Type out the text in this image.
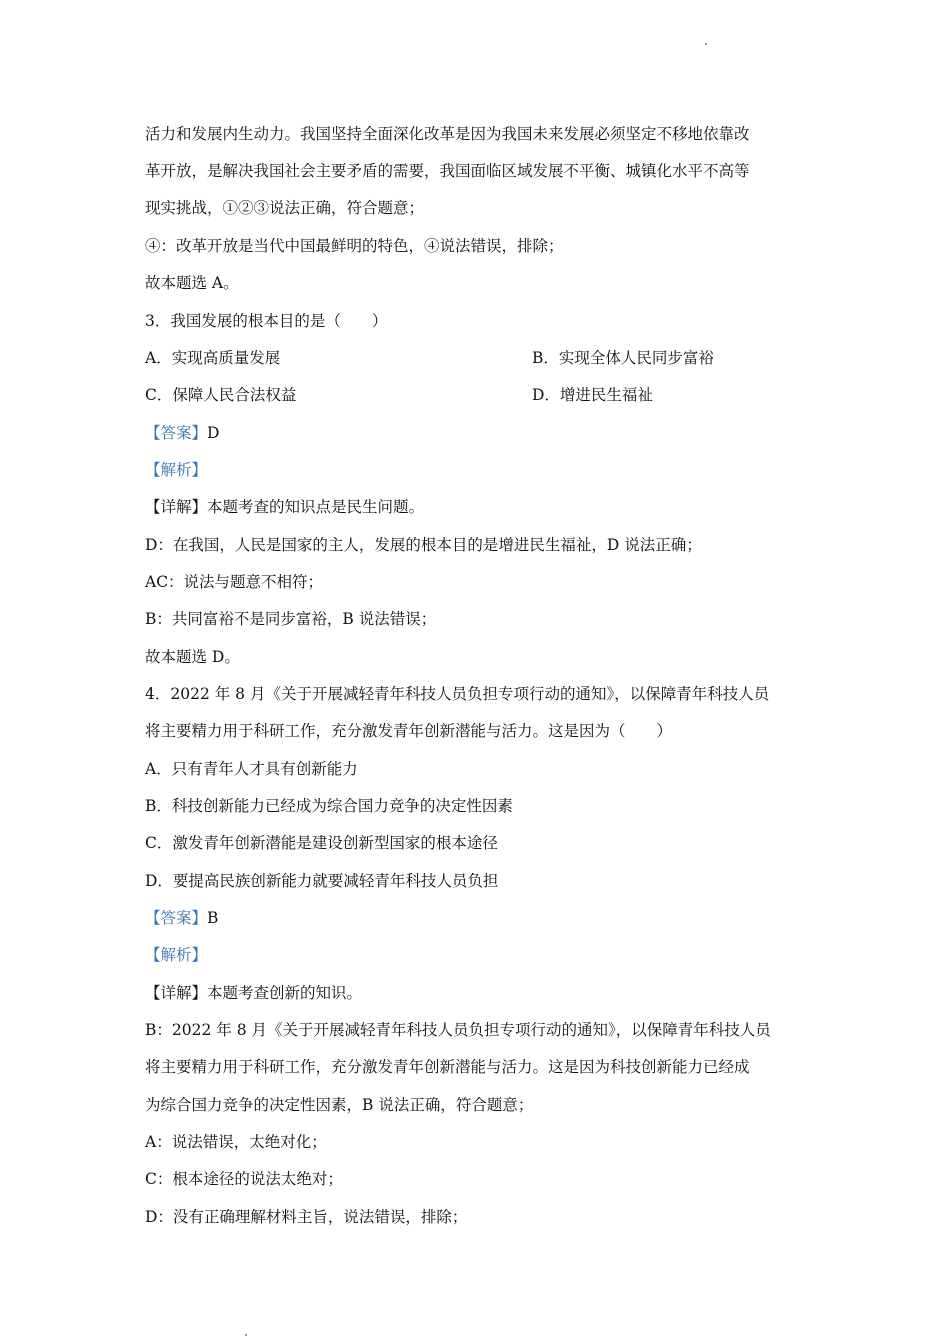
活力和发展内生动力。我国坚持全面深化改革是因为我国未来发展必须坚定不移地依靠改
革开放，是解决我国社会主要矛盾的需要，我国面临区域发展不平衡、城镇化水平不高等
现实挑战，①②③说法正确，符合题意；
④：改革开放是当代中国最鲜明的特色，④说法错误，排除；
故本题选 A。
3．我国发展的根本目的是（　　）
A．实现高质量发展	B．实现全体人民同步富裕
C．保障人民合法权益	D．增进民生福祉
【答案】D
【解析】
【详解】本题考查的知识点是民生问题。
D：在我国，人民是国家的主人，发展的根本目的是增进民生福祉，D 说法正确；
AC：说法与题意不相符；
B：共同富裕不是同步富裕，B 说法错误；
故本题选 D。
4．2022 年 8 月《关于开展减轻青年科技人员负担专项行动的通知》，以保障青年科技人员
将主要精力用于科研工作，充分激发青年创新潜能与活力。这是因为（　　）
A．只有青年人才具有创新能力
B．科技创新能力已经成为综合国力竞争的决定性因素
C．激发青年创新潜能是建设创新型国家的根本途径
D．要提高民族创新能力就要减轻青年科技人员负担
【答案】B
【解析】
【详解】本题考查创新的知识。
B：2022 年 8 月《关于开展减轻青年科技人员负担专项行动的通知》，以保障青年科技人员
将主要精力用于科研工作，充分激发青年创新潜能与活力。这是因为科技创新能力已经成
为综合国力竞争的决定性因素，B 说法正确，符合题意；
A：说法错误，太绝对化；
C：根本途径的说法太绝对；
D：没有正确理解材料主旨，说法错误，排除；
